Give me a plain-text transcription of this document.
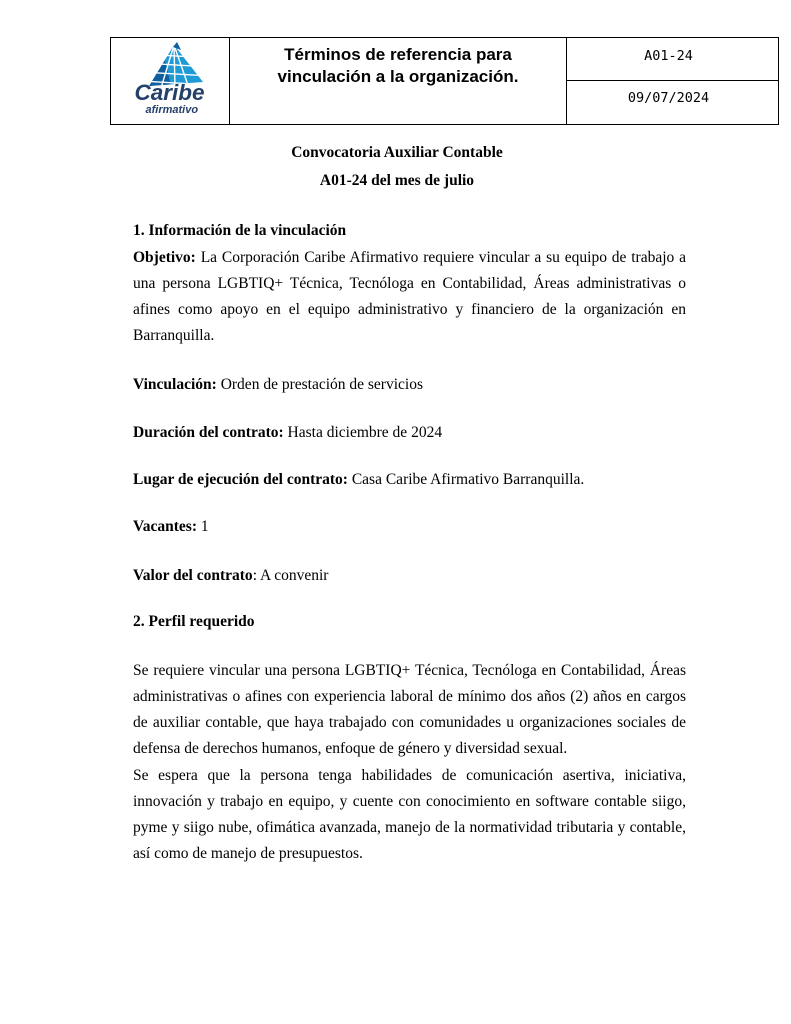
Caribe
afirmativo
Términos de referencia para
vinculación a la organización.
A01-24
09/07/2024
Convocatoria Auxiliar Contable
A01-24 del mes de julio
1. Información de la vinculación
Objetivo: La Corporación Caribe Afirmativo requiere vincular a su equipo de trabajo a
una persona LGBTIQ+ Técnica, Tecnóloga en Contabilidad, Áreas administrativas o
afines como apoyo en el equipo administrativo y financiero de la organización en
Barranquilla.
Vinculación: Orden de prestación de servicios
Duración del contrato: Hasta diciembre de 2024
Lugar de ejecución del contrato: Casa Caribe Afirmativo Barranquilla.
Vacantes: 1
Valor del contrato: A convenir
2. Perfil requerido
Se requiere vincular una persona LGBTIQ+ Técnica, Tecnóloga en Contabilidad, Áreas
administrativas o afines con experiencia laboral de mínimo dos años (2) años en cargos
de auxiliar contable, que haya trabajado con comunidades u organizaciones sociales de
defensa de derechos humanos, enfoque de género y diversidad sexual.
Se espera que la persona tenga habilidades de comunicación asertiva, iniciativa,
innovación y trabajo en equipo, y cuente con conocimiento en software contable siigo,
pyme y siigo nube, ofimática avanzada, manejo de la normatividad tributaria y contable,
así como de manejo de presupuestos.
